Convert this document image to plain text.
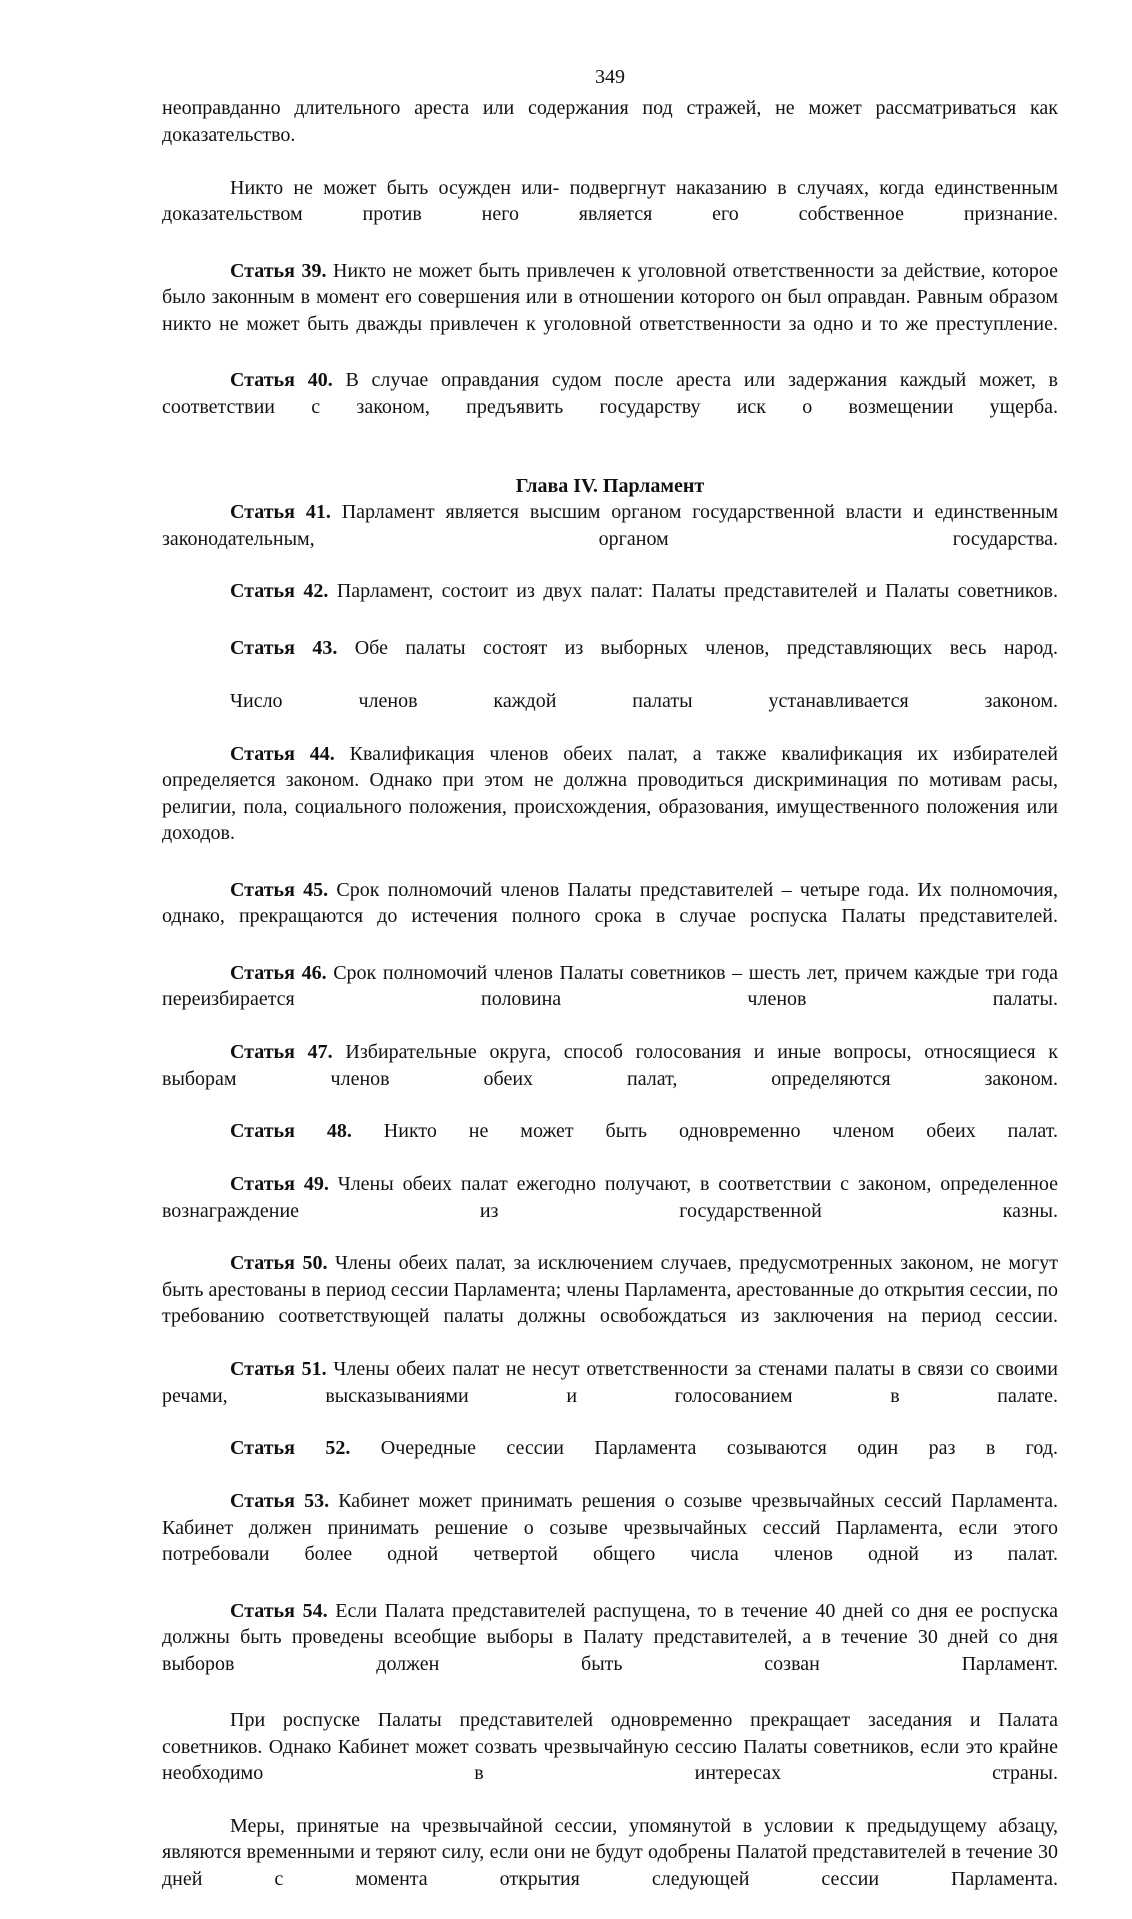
349

неоправданно длительного ареста или содержания под стражей, не может рассматриваться как доказательство.

Никто не может быть осужден или- подвергнут наказанию в случаях, когда единственным доказательством против него является его собственное признание.

Статья 39. Никто не может быть привлечен к уголовной ответственности за действие, которое было законным в момент его совершения или в отношении которого он был оправдан. Равным образом никто не может быть дважды привлечен к уголовной ответственности за одно и то же преступление.

Статья 40. В случае оправдания судом после ареста или задержания каждый может, в соответствии с законом, предъявить государству иск о возмещении ущерба.

Глава IV. Парламент

Статья 41. Парламент является высшим органом государственной власти и единственным законодательным, органом государства.

Статья 42. Парламент, состоит из двух палат: Палаты представителей и Палаты советников.

Статья 43. Обе палаты состоят из выборных членов, представляющих весь народ.

Число членов каждой палаты устанавливается законом.

Статья 44. Квалификация членов обеих палат, а также квалификация их избирателей определяется законом. Однако при этом не должна проводиться дискриминация по мотивам расы, религии, пола, социального положения, происхождения, образования, имущественного положения или доходов.

Статья 45. Срок полномочий членов Палаты представителей – четыре года. Их полномочия, однако, прекращаются до истечения полного срока в случае роспуска Палаты представителей.

Статья 46. Срок полномочий членов Палаты советников – шесть лет, причем каждые три года переизбирается половина членов палаты.

Статья 47. Избирательные округа, способ голосования и иные вопросы, относящиеся к выборам членов обеих палат, определяются законом.

Статья 48. Никто не может быть одновременно членом обеих палат.

Статья 49. Члены обеих палат ежегодно получают, в соответствии с законом, определенное вознаграждение из государственной казны.

Статья 50. Члены обеих палат, за исключением случаев, предусмотренных законом, не могут быть арестованы в период сессии Парламента; члены Парламента, арестованные до открытия сессии, по требованию соответствующей палаты должны освобождаться из заключения на период сессии.

Статья 51. Члены обеих палат не несут ответственности за стенами палаты в связи со своими речами, высказываниями и голосованием в палате.

Статья 52. Очередные сессии Парламента созываются один раз в год.

Статья 53. Кабинет может принимать решения о созыве чрезвычайных сессий Парламента. Кабинет должен принимать решение о созыве чрезвычайных сессий Парламента, если этого потребовали более одной четвертой общего числа членов одной из палат.

Статья 54. Если Палата представителей распущена, то в течение 40 дней со дня ее роспуска должны быть проведены всеобщие выборы в Палату представителей, а в течение 30 дней со дня выборов должен быть созван Парламент.

При роспуске Палаты представителей одновременно прекращает заседания и Палата советников. Однако Кабинет может созвать чрезвычайную сессию Палаты советников, если это крайне необходимо в интересах страны.

Меры, принятые на чрезвычайной сессии, упомянутой в условии к предыдущему абзацу, являются временными и теряют силу, если они не будут одобрены Палатой представителей в течение 30 дней с момента открытия следующей сессии Парламента.
